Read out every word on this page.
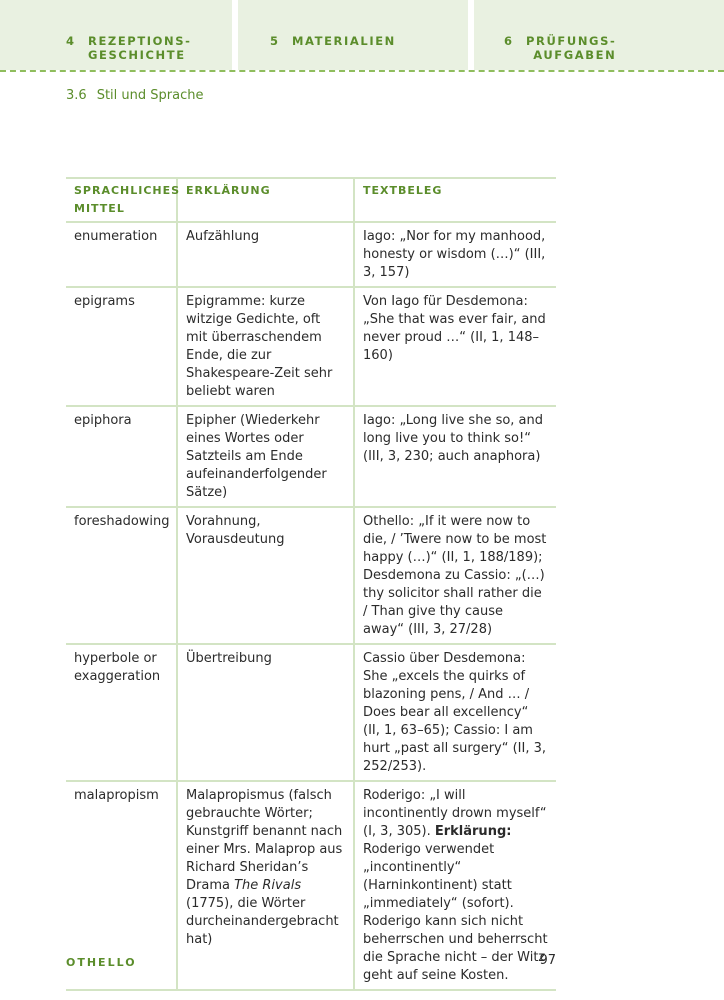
4 REZEPTIONS-
GESCHICHTE
5 MATERIALIEN	6 PRÜFUNGS-
AUFGABEN
3.6 Stil und Sprache
SPRACHLICHES MITTEL	ERKLÄRUNG	TEXTBELEG
enumeration	Aufzählung	Iago: „Nor for my manhood, honesty or wisdom (…)“ (III, 3, 157)
epigrams	Epigramme: kurze witzige Gedichte, oft mit überraschendem Ende, die zur Shakespeare-Zeit sehr beliebt waren	Von Iago für Desdemona: „She that was ever fair, and never proud …“ (II, 1, 148–160)
epiphora	Epipher (Wiederkehr eines Wortes oder Satzteils am Ende aufeinanderfolgender Sätze)	Iago: „Long live she so, and long live you to think so!“ (III, 3, 230; auch anaphora)
foreshadowing	Vorahnung, Vorausdeutung	Othello: „If it were now to die, / ’Twere now to be most happy (…)“ (II, 1, 188/189); Desdemona zu Cassio: „(…) thy solicitor shall rather die / Than give thy cause away“ (III, 3, 27/28)
hyperbole or exaggeration	Übertreibung	Cassio über Desdemona: She „excels the quirks of blazoning pens, / And … / Does bear all excellency“ (II, 1, 63–65); Cassio: I am hurt „past all surgery“ (II, 3, 252/253).
malapropism	Malapropismus (falsch gebrauchte Wörter; Kunstgriff benannt nach einer Mrs. Malaprop aus Richard Sheridan’s Drama The Rivals (1775), die Wörter durcheinandergebracht hat)	Roderigo: „I will incontinently drown myself“ (I, 3, 305). Erklärung: Roderigo verwendet „incontinently“ (Harninkontinent) statt „immediately“ (sofort). Roderigo kann sich nicht beherrschen und beherrscht die Sprache nicht – der Witz geht auf seine Kosten.
OTHELLO	97
